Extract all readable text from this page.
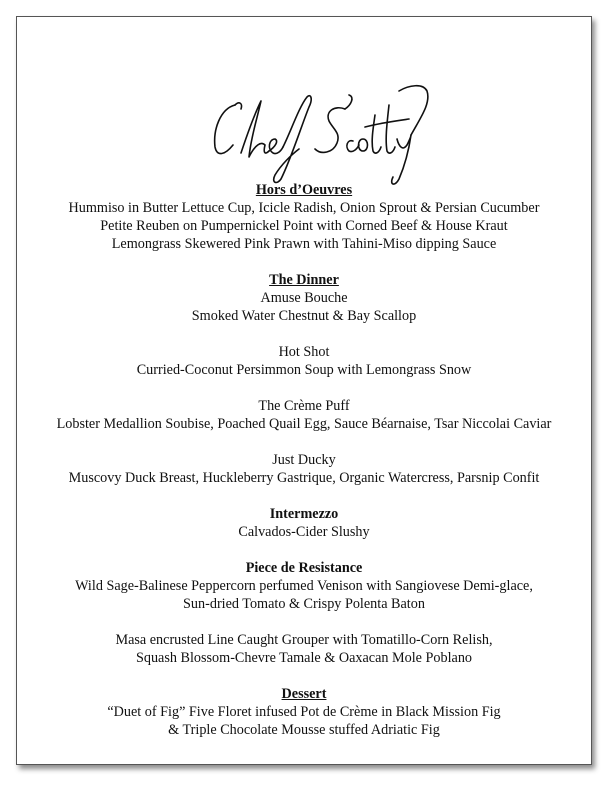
Hors d’Oeuvres
Hummiso in Butter Lettuce Cup, Icicle Radish, Onion Sprout & Persian Cucumber
Petite Reuben on Pumpernickel Point with Corned Beef & House Kraut
Lemongrass Skewered Pink Prawn with Tahini-Miso dipping Sauce
The Dinner
Amuse Bouche
Smoked Water Chestnut & Bay Scallop
Hot Shot
Curried-Coconut Persimmon Soup with Lemongrass Snow
The Crème Puff
Lobster Medallion Soubise, Poached Quail Egg, Sauce Béarnaise, Tsar Niccolai Caviar
Just Ducky
Muscovy Duck Breast, Huckleberry Gastrique, Organic Watercress, Parsnip Confit
Intermezzo
Calvados-Cider Slushy
Piece de Resistance
Wild Sage-Balinese Peppercorn perfumed Venison with Sangiovese Demi-glace,
Sun-dried Tomato & Crispy Polenta Baton
Masa encrusted Line Caught Grouper with Tomatillo-Corn Relish,
Squash Blossom-Chevre Tamale & Oaxacan Mole Poblano
Dessert
“Duet of Fig” Five Floret infused Pot de Crème in Black Mission Fig
& Triple Chocolate Mousse stuffed Adriatic Fig
